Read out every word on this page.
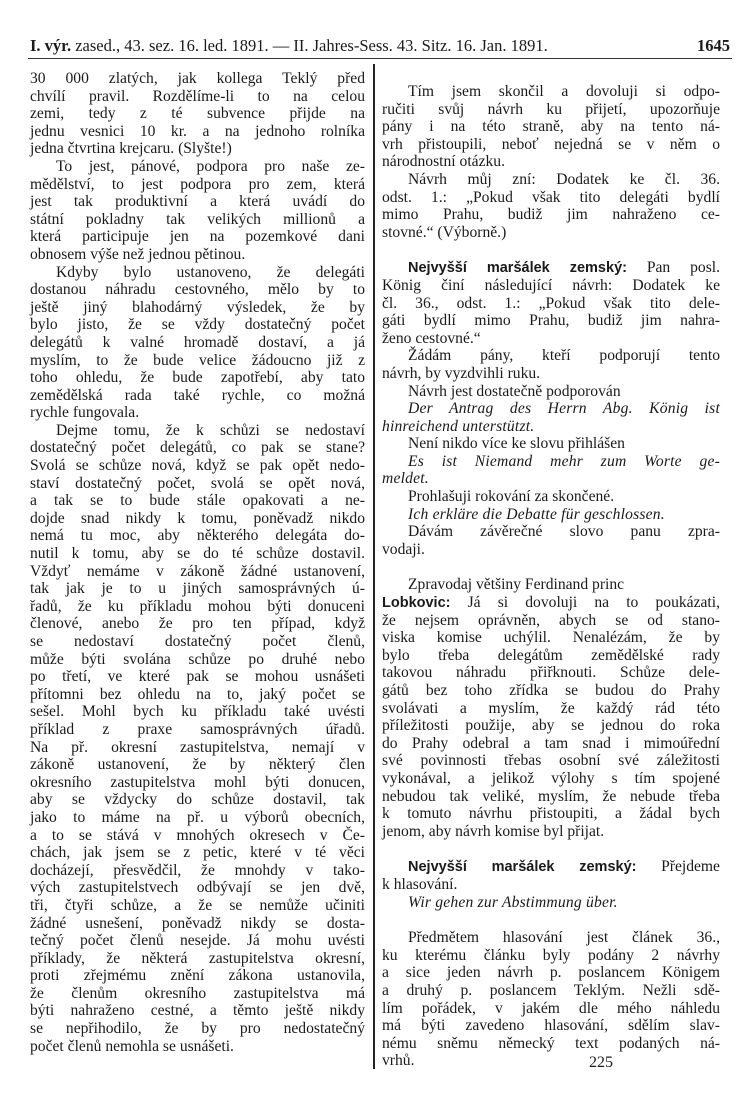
I. výr. zased., 43. sez. 16. led. 1891. — II. Jahres-Sess. 43. Sitz. 16. Jan. 1891.	1645
30 000 zlatých, jak kollega Teklý před
chvílí pravil. Rozdělíme-li to na celou
zemi, tedy z té subvence přijde na
jednu vesnici 10 kr. a na jednoho rolníka
jedna čtvrtina krejcaru. (Slyšte!)
To jest, pánové, podpora pro naše ze-
mědělství, to jest podpora pro zem, která
jest tak produktivní a která uvádí do
státní pokladny tak velikých millionů a
která participuje jen na pozemkové dani
obnosem výše než jednou pětinou.
Kdyby bylo ustanoveno, že delegáti
dostanou náhradu cestovného, mělo by to
ještě jiný blahodárný výsledek, že by
bylo jisto, že se vždy dostatečný počet
delegátů k valné hromadě dostaví, a já
myslím, to že bude velice žádoucno již z
toho ohledu, že bude zapotřebí, aby tato
zemědělská rada také rychle, co možná
rychle fungovala.
Dejme tomu, že k schůzi se nedostaví
dostatečný počet delegátů, co pak se stane?
Svolá se schůze nová, když se pak opět nedo-
staví dostatečný počet, svolá se opět nová,
a tak se to bude stále opakovati a ne-
dojde snad nikdy k tomu, poněvadž nikdo
nemá tu moc, aby některého delegáta do-
nutil k tomu, aby se do té schůze dostavil.
Vždyť nemáme v zákoně žádné ustanovení,
tak jak je to u jiných samosprávných ú-
řadů, že ku příkladu mohou býti donuceni
členové, anebo že pro ten případ, když
se nedostaví dostatečný počet členů,
může býti svolána schůze po druhé nebo
po třetí, ve které pak se mohou usnášeti
přítomni bez ohledu na to, jaký počet se
sešel. Mohl bych ku příkladu také uvésti
příklad z praxe samosprávných úřadů.
Na př. okresní zastupitelstva, nemají v
zákoně ustanovení, že by některý člen
okresního zastupitelstva mohl býti donucen,
aby se vždycky do schůze dostavil, tak
jako to máme na př. u výborů obecních,
a to se stává v mnohých okresech v Če-
chách, jak jsem se z petic, které v té věci
docházejí, přesvědčil, že mnohdy v tako-
vých zastupitelstvech odbývají se jen dvě,
tři, čtyři schůze, a že se nemůže učiniti
žádné usnešení, poněvadž nikdy se dosta-
tečný počet členů nesejde. Já mohu uvésti
příklady, že některá zastupitelstva okresní,
proti zřejmému znění zákona ustanovila,
že členům okresního zastupitelstva má
býti nahraženo cestné, a těmto ještě nikdy
se nepřihodilo, že by pro nedostatečný
počet členů nemohla se usnášeti.
Tím jsem skončil a dovoluji si odpo-
ručiti svůj návrh ku přijetí, upozorňuje
pány i na této straně, aby na tento ná-
vrh přistoupili, neboť nejedná se v něm o
národnostní otázku.
Návrh můj zní: Dodatek ke čl. 36.
odst. 1.: „Pokud však tito delegáti bydlí
mimo Prahu, budiž jim nahraženo ce-
stovné.“ (Výborně.)
Nejvyšší maršálek zemský: Pan posl.
König činí následující návrh: Dodatek ke
čl. 36., odst. 1.: „Pokud však tito dele-
gáti bydlí mimo Prahu, budiž jim nahra-
ženo cestovné.“
Žádám pány, kteří podporují tento
návrh, by vyzdvihli ruku.
Návrh jest dostatečně podporován
Der Antrag des Herrn Abg. König ist
hinreichend unterstützt.
Není nikdo více ke slovu přihlášen
Es ist Niemand mehr zum Worte ge-
meldet.
Prohlašuji rokování za skončené.
Ich erkläre die Debatte für geschlossen.
Dávám závěrečné slovo panu zpra-
vodaji.
Zpravodaj většiny Ferdinand princ
Lobkovic: Já si dovoluji na to poukázati,
že nejsem oprávněn, abych se od stano-
viska komise uchýlil. Nenalézám, že by
bylo třeba delegátům zemědělské rady
takovou náhradu přiřknouti. Schůze dele-
gátů bez toho zřídka se budou do Prahy
svolávati a myslím, že každý rád této
příležitosti použije, aby se jednou do roka
do Prahy odebral a tam snad i mimoúřední
své povinnosti třebas osobní své záležitosti
vykonával, a jelikož výlohy s tím spojené
nebudou tak veliké, myslím, že nebude třeba
k tomuto návrhu přistoupiti, a žádal bych
jenom, aby návrh komise byl přijat.
Nejvyšší maršálek zemský: Přejdeme
k hlasování.
Wir gehen zur Abstimmung über.
Předmětem hlasování jest článek 36.,
ku kterému článku byly podány 2 návrhy
a sice jeden návrh p. poslancem Königem
a druhý p. poslancem Teklým. Nežli sdě-
lím pořádek, v jakém dle mého náhledu
má býti zavedeno hlasování, sdělím slav-
nému sněmu německý text podaných ná-
vrhů.	225
